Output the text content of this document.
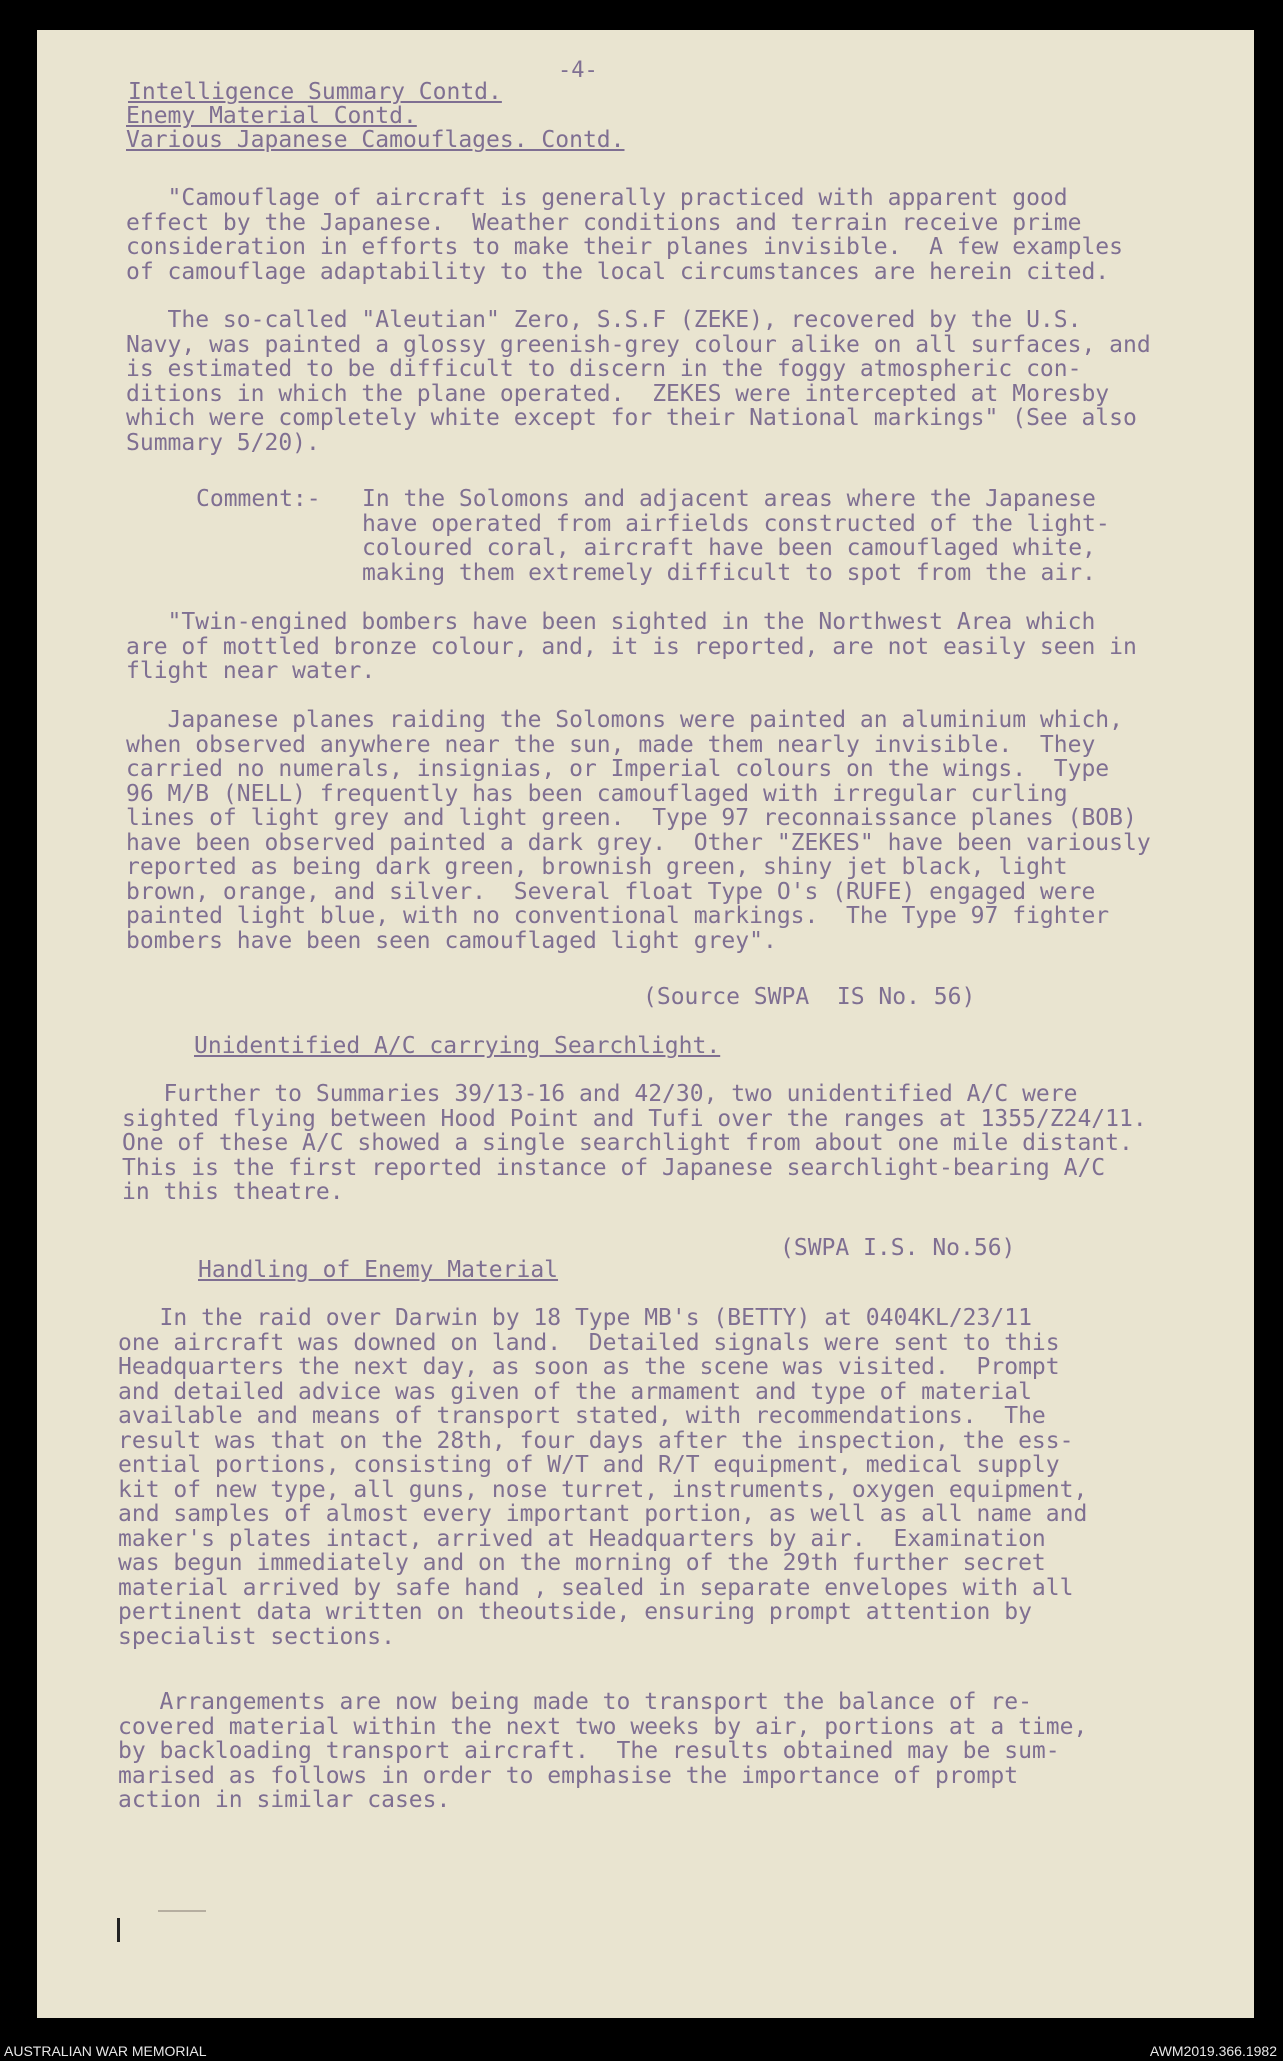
-4-
Intelligence Summary Contd.
Enemy Material Contd.
Various Japanese Camouflages. Contd.
"Camouflage of aircraft is generally practiced with apparent good
effect by the Japanese.  Weather conditions and terrain receive prime
consideration in efforts to make their planes invisible.  A few examples
of camouflage adaptability to the local circumstances are herein cited.
The so-called "Aleutian" Zero, S.S.F (ZEKE), recovered by the U.S.
Navy, was painted a glossy greenish-grey colour alike on all surfaces, and
is estimated to be difficult to discern in the foggy atmospheric con-
ditions in which the plane operated.  ZEKES were intercepted at Moresby
which were completely white except for their National markings" (See also
Summary 5/20).
Comment:- In the Solomons and adjacent areas where the Japanese
have operated from airfields constructed of the light-
coloured coral, aircraft have been camouflaged white,
making them extremely difficult to spot from the air.
"Twin-engined bombers have been sighted in the Northwest Area which
are of mottled bronze colour, and, it is reported, are not easily seen in
flight near water.
Japanese planes raiding the Solomons were painted an aluminium which,
when observed anywhere near the sun, made them nearly invisible.  They
carried no numerals, insignias, or Imperial colours on the wings.  Type
96 M/B (NELL) frequently has been camouflaged with irregular curling
lines of light grey and light green.  Type 97 reconnaissance planes (BOB)
have been observed painted a dark grey.  Other "ZEKES" have been variously
reported as being dark green, brownish green, shiny jet black, light
brown, orange, and silver.  Several float Type O's (RUFE) engaged were
painted light blue, with no conventional markings.  The Type 97 fighter
bombers have been seen camouflaged light grey".
(Source SWPA  IS No. 56)
Unidentified A/C carrying Searchlight.
Further to Summaries 39/13-16 and 42/30, two unidentified A/C were
sighted flying between Hood Point and Tufi over the ranges at 1355/Z24/11.
One of these A/C showed a single searchlight from about one mile distant.
This is the first reported instance of Japanese searchlight-bearing A/C
in this theatre.
(SWPA I.S. No.56)
Handling of Enemy Material
In the raid over Darwin by 18 Type MB's (BETTY) at 0404KL/23/11
one aircraft was downed on land.  Detailed signals were sent to this
Headquarters the next day, as soon as the scene was visited.  Prompt
and detailed advice was given of the armament and type of material
available and means of transport stated, with recommendations.  The
result was that on the 28th, four days after the inspection, the ess-
ential portions, consisting of W/T and R/T equipment, medical supply
kit of new type, all guns, nose turret, instruments, oxygen equipment,
and samples of almost every important portion, as well as all name and
maker's plates intact, arrived at Headquarters by air.  Examination
was begun immediately and on the morning of the 29th further secret
material arrived by safe hand , sealed in separate envelopes with all
pertinent data written on theoutside, ensuring prompt attention by
specialist sections.
Arrangements are now being made to transport the balance of re-
covered material within the next two weeks by air, portions at a time,
by backloading transport aircraft.  The results obtained may be sum-
marised as follows in order to emphasise the importance of prompt
action in similar cases.
AUSTRALIAN WAR MEMORIAL	AWM2019.366.1982
